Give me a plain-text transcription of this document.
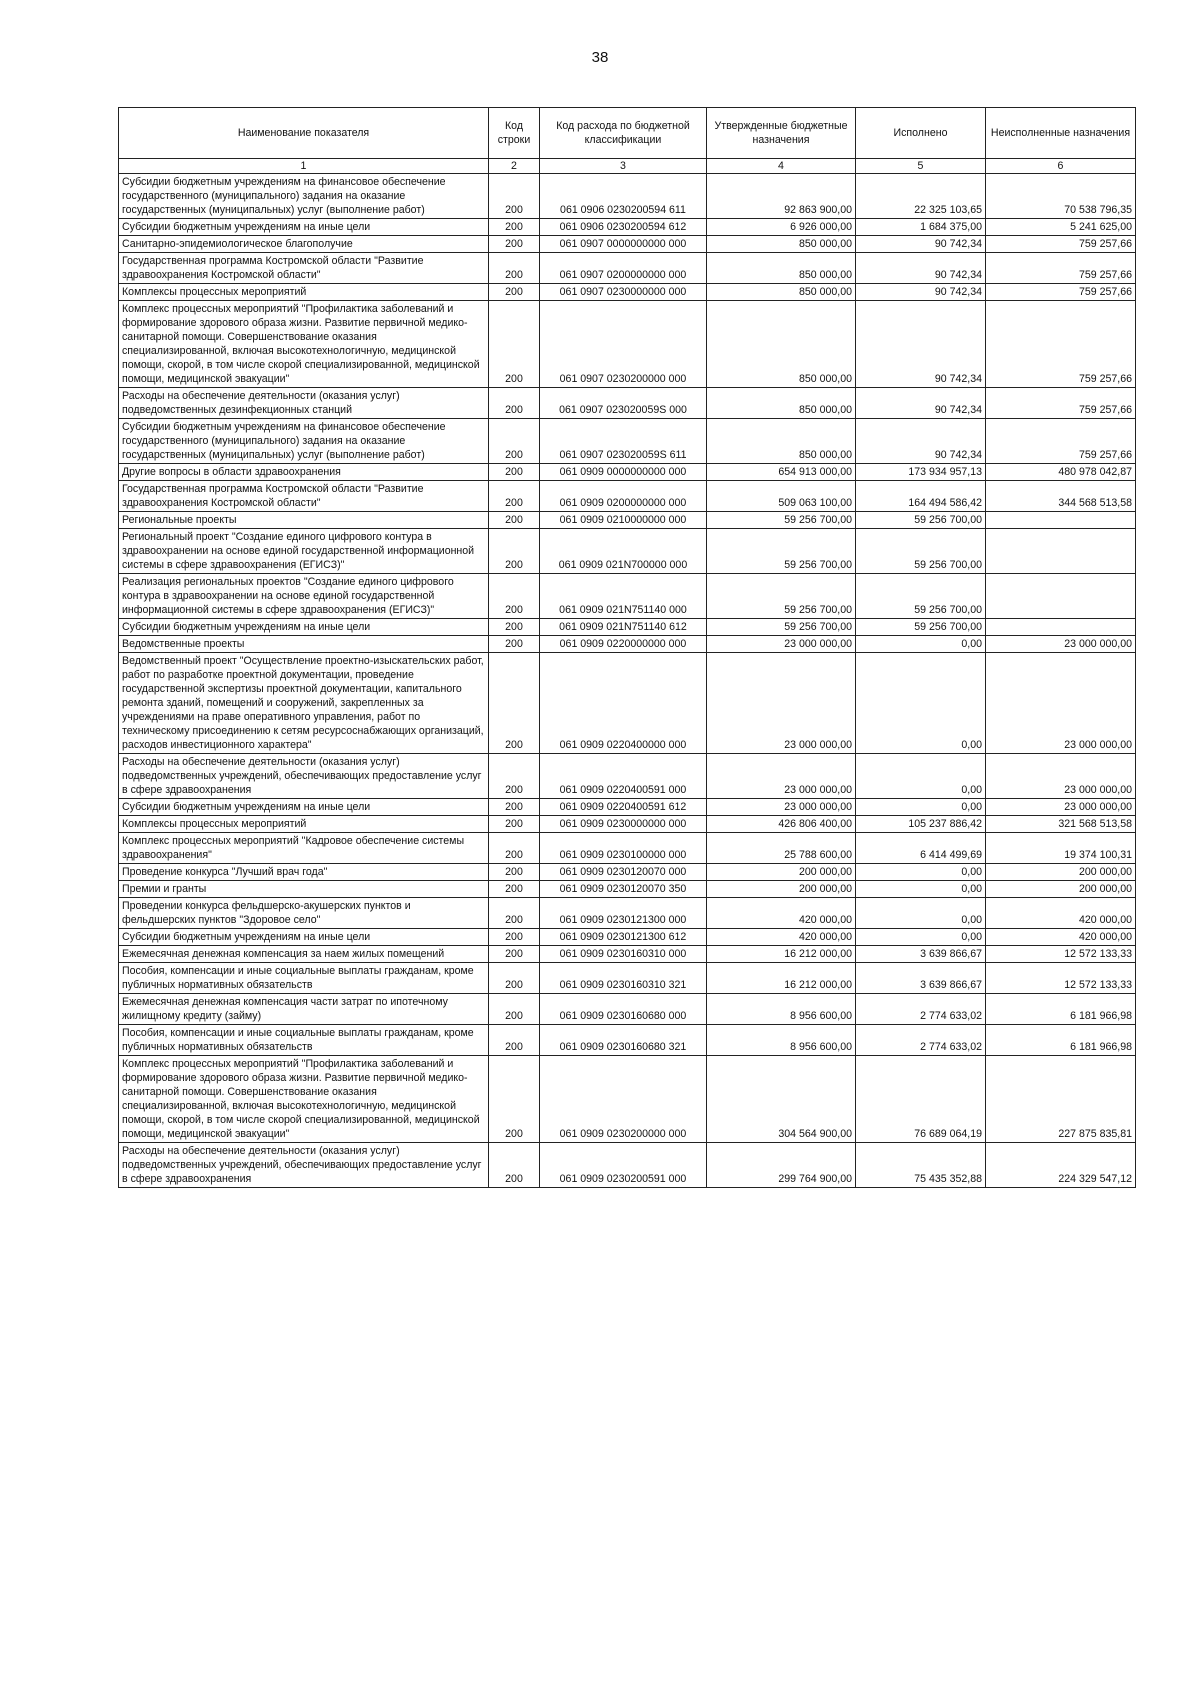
38
Наименование показателя	Код строки	Код расхода по бюджетной классификации	Утвержденные бюджетные назначения	Исполнено	Неисполненные назначения
1	2	3	4	5	6
Субсидии бюджетным учреждениям на финансовое обеспечение государственного (муниципального) задания на оказание государственных (муниципальных) услуг (выполнение работ)	200	061 0906 0230200594 611	92 863 900,00	22 325 103,65	70 538 796,35
Субсидии бюджетным учреждениям на иные цели	200	061 0906 0230200594 612	6 926 000,00	1 684 375,00	5 241 625,00
Санитарно-эпидемиологическое благополучие	200	061 0907 0000000000 000	850 000,00	90 742,34	759 257,66
Государственная программа Костромской области "Развитие здравоохранения Костромской области"	200	061 0907 0200000000 000	850 000,00	90 742,34	759 257,66
Комплексы процессных мероприятий	200	061 0907 0230000000 000	850 000,00	90 742,34	759 257,66
Комплекс процессных мероприятий "Профилактика заболеваний и формирование здорового образа жизни. Развитие первичной медико-санитарной помощи. Совершенствование оказания специализированной, включая высокотехнологичную, медицинской помощи, скорой, в том числе скорой специализированной, медицинской помощи, медицинской эвакуации"	200	061 0907 0230200000 000	850 000,00	90 742,34	759 257,66
Расходы на обеспечение деятельности (оказания услуг) подведомственных дезинфекционных станций	200	061 0907 023020059S 000	850 000,00	90 742,34	759 257,66
Субсидии бюджетным учреждениям на финансовое обеспечение государственного (муниципального) задания на оказание государственных (муниципальных) услуг (выполнение работ)	200	061 0907 023020059S 611	850 000,00	90 742,34	759 257,66
Другие вопросы в области здравоохранения	200	061 0909 0000000000 000	654 913 000,00	173 934 957,13	480 978 042,87
Государственная программа Костромской области "Развитие здравоохранения Костромской области"	200	061 0909 0200000000 000	509 063 100,00	164 494 586,42	344 568 513,58
Региональные проекты	200	061 0909 0210000000 000	59 256 700,00	59 256 700,00	
Региональный проект "Создание единого цифрового контура в здравоохранении на основе единой государственной информационной системы в сфере здравоохранения (ЕГИСЗ)"	200	061 0909 021N700000 000	59 256 700,00	59 256 700,00	
Реализация региональных проектов "Создание единого цифрового контура в здравоохранении на основе единой государственной информационной системы в сфере здравоохранения (ЕГИСЗ)"	200	061 0909 021N751140 000	59 256 700,00	59 256 700,00	
Субсидии бюджетным учреждениям на иные цели	200	061 0909 021N751140 612	59 256 700,00	59 256 700,00	
Ведомственные проекты	200	061 0909 0220000000 000	23 000 000,00	0,00	23 000 000,00
Ведомственный проект "Осуществление проектно-изыскательских работ, работ по разработке проектной документации, проведение государственной экспертизы проектной документации, капитального ремонта зданий, помещений и сооружений, закрепленных за учреждениями на праве оперативного управления, работ по техническому присоединению к сетям ресурсоснабжающих организаций, расходов инвестиционного характера"	200	061 0909 0220400000 000	23 000 000,00	0,00	23 000 000,00
Расходы на обеспечение деятельности (оказания услуг) подведомственных учреждений, обеспечивающих предоставление услуг в сфере здравоохранения	200	061 0909 0220400591 000	23 000 000,00	0,00	23 000 000,00
Субсидии бюджетным учреждениям на иные цели	200	061 0909 0220400591 612	23 000 000,00	0,00	23 000 000,00
Комплексы процессных мероприятий	200	061 0909 0230000000 000	426 806 400,00	105 237 886,42	321 568 513,58
Комплекс процессных мероприятий "Кадровое обеспечение системы здравоохранения"	200	061 0909 0230100000 000	25 788 600,00	6 414 499,69	19 374 100,31
Проведение конкурса "Лучший врач года"	200	061 0909 0230120070 000	200 000,00	0,00	200 000,00
Премии и гранты	200	061 0909 0230120070 350	200 000,00	0,00	200 000,00
Проведении конкурса фельдшерско-акушерских пунктов и фельдшерских пунктов "Здоровое село"	200	061 0909 0230121300 000	420 000,00	0,00	420 000,00
Субсидии бюджетным учреждениям на иные цели	200	061 0909 0230121300 612	420 000,00	0,00	420 000,00
Ежемесячная денежная компенсация за наем жилых помещений	200	061 0909 0230160310 000	16 212 000,00	3 639 866,67	12 572 133,33
Пособия, компенсации и иные социальные выплаты гражданам, кроме публичных нормативных обязательств	200	061 0909 0230160310 321	16 212 000,00	3 639 866,67	12 572 133,33
Ежемесячная денежная компенсация части затрат по ипотечному жилищному кредиту (займу)	200	061 0909 0230160680 000	8 956 600,00	2 774 633,02	6 181 966,98
Пособия, компенсации и иные социальные выплаты гражданам, кроме публичных нормативных обязательств	200	061 0909 0230160680 321	8 956 600,00	2 774 633,02	6 181 966,98
Комплекс процессных мероприятий "Профилактика заболеваний и формирование здорового образа жизни. Развитие первичной медико-санитарной помощи. Совершенствование оказания специализированной, включая высокотехнологичную, медицинской помощи, скорой, в том числе скорой специализированной, медицинской помощи, медицинской эвакуации"	200	061 0909 0230200000 000	304 564 900,00	76 689 064,19	227 875 835,81
Расходы на обеспечение деятельности (оказания услуг) подведомственных учреждений, обеспечивающих предоставление услуг в сфере здравоохранения	200	061 0909 0230200591 000	299 764 900,00	75 435 352,88	224 329 547,12
